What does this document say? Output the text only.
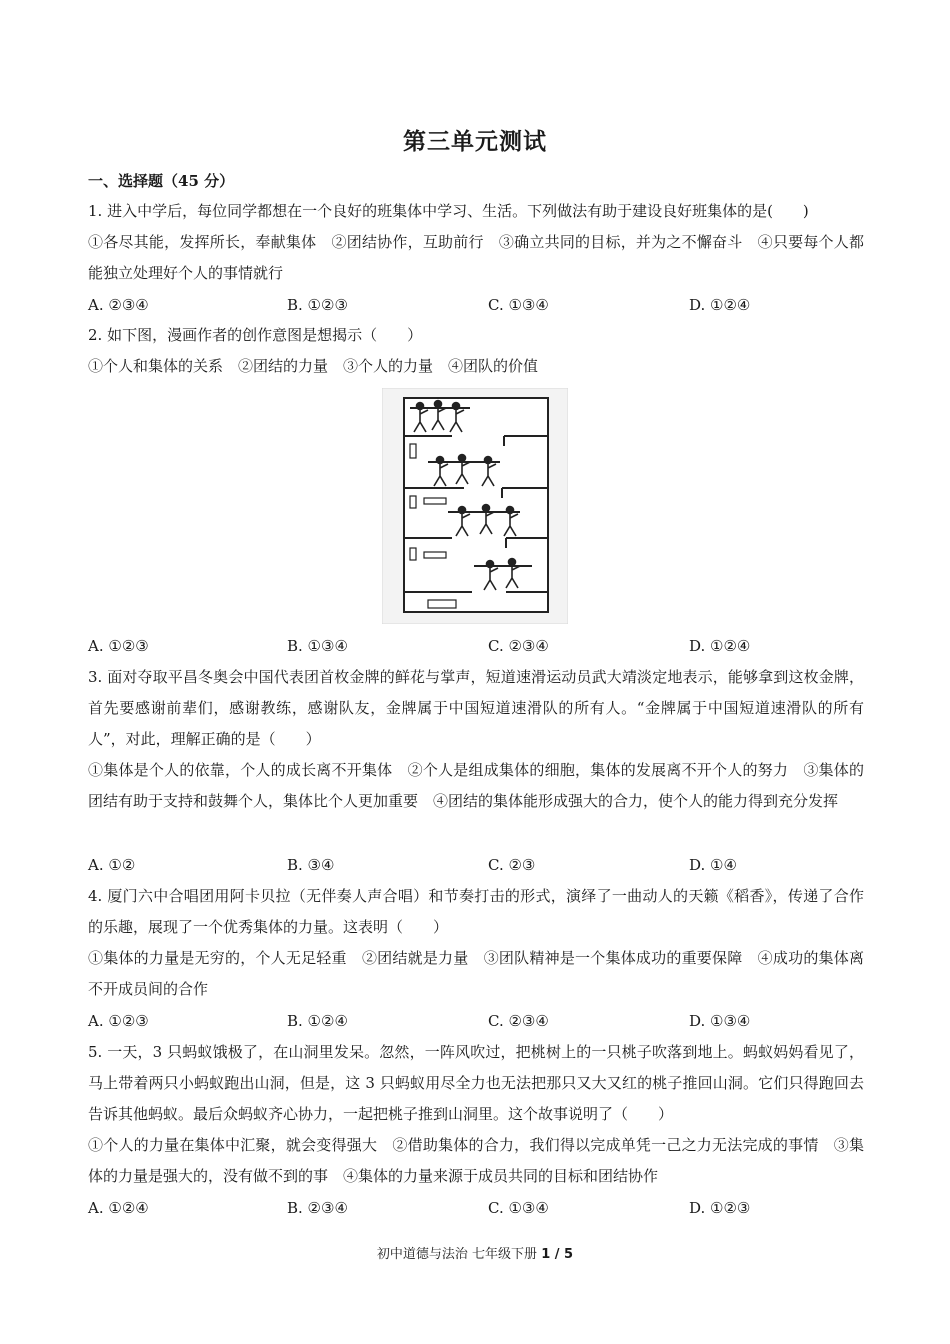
第三单元测试
一、选择题（45 分）
1. 进入中学后，每位同学都想在一个良好的班集体中学习、生活。下列做法有助于建设良好班集体的是(　　)
①各尽其能，发挥所长，奉献集体　②团结协作，互助前行　③确立共同的目标，并为之不懈奋斗　④只要每个人都能独立处理好个人的事情就行
A. ②③④	B. ①②③	C. ①③④	D. ①②④
2. 如下图，漫画作者的创作意图是想揭示（　　）
①个人和集体的关系　②团结的力量　③个人的力量　④团队的价值
A. ①②③	B. ①③④	C. ②③④	D. ①②④
3. 面对夺取平昌冬奥会中国代表团首枚金牌的鲜花与掌声，短道速滑运动员武大靖淡定地表示，能够拿到这枚金牌，首先要感谢前辈们，感谢教练，感谢队友，金牌属于中国短道速滑队的所有人。“金牌属于中国短道速滑队的所有人”，对此，理解正确的是（　　）
①集体是个人的依靠，个人的成长离不开集体　②个人是组成集体的细胞，集体的发展离不开个人的努力　③集体的团结有助于支持和鼓舞个人，集体比个人更加重要　④团结的集体能形成强大的合力，使个人的能力得到充分发挥
A. ①②	B. ③④	C. ②③	D. ①④
4. 厦门六中合唱团用阿卡贝拉（无伴奏人声合唱）和节奏打击的形式，演绎了一曲动人的天籁《稻香》，传递了合作的乐趣，展现了一个优秀集体的力量。这表明（　　）
①集体的力量是无穷的，个人无足轻重　②团结就是力量　③团队精神是一个集体成功的重要保障　④成功的集体离不开成员间的合作
A. ①②③	B. ①②④	C. ②③④	D. ①③④
5. 一天，3 只蚂蚁饿极了，在山洞里发呆。忽然，一阵风吹过，把桃树上的一只桃子吹落到地上。蚂蚁妈妈看见了，马上带着两只小蚂蚁跑出山洞，但是，这 3 只蚂蚁用尽全力也无法把那只又大又红的桃子推回山洞。它们只得跑回去告诉其他蚂蚁。最后众蚂蚁齐心协力，一起把桃子推到山洞里。这个故事说明了（　　）
①个人的力量在集体中汇聚，就会变得强大　②借助集体的合力，我们得以完成单凭一己之力无法完成的事情　③集体的力量是强大的，没有做不到的事　④集体的力量来源于成员共同的目标和团结协作
A. ①②④	B. ②③④	C. ①③④	D. ①②③
初中道德与法治 七年级下册 1 / 5
